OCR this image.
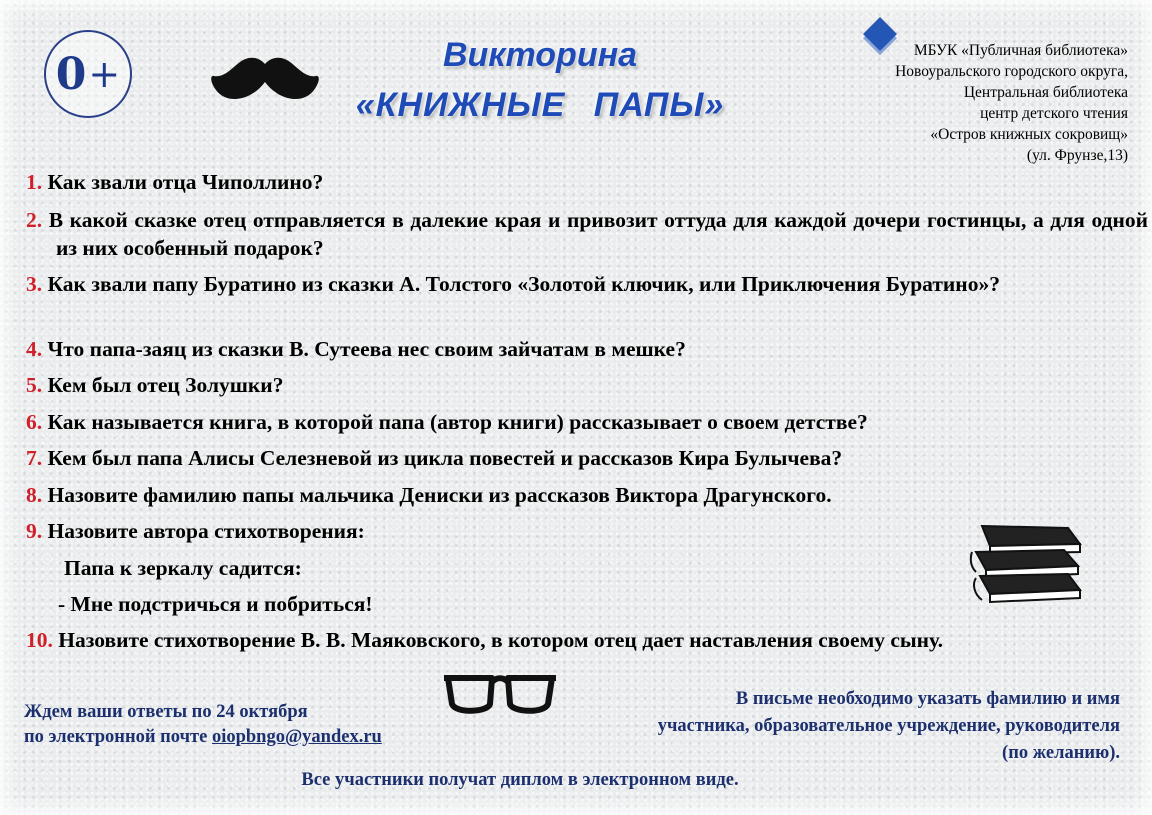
0 +	Викторина
«КНИЖНЫЕ ПАПЫ»
МБУК «Публичная библиотека»
Новоуральского городского округа,
Центральная библиотека
центр детского чтения
«Остров книжных сокровищ»
(ул. Фрунзе,13)
1. Как звали отца Чиполлино?
2. В какой сказке отец отправляется в далекие края и привозит оттуда для каждой дочери гостинцы, а для одной из них особенный подарок?
3. Как звали папу Буратино из сказки А. Толстого «Золотой ключик, или Приключения Буратино»?
4. Что папа-заяц из сказки В. Сутеева нес своим зайчатам в мешке?
5. Кем был отец Золушки?
6. Как называется книга, в которой папа (автор книги) рассказывает о своем детстве?
7. Кем был папа Алисы Селезневой из цикла повестей и рассказов Кира Булычева?
8. Назовите фамилию папы мальчика Дениски из рассказов Виктора Драгунского.
9. Назовите автора стихотворения:
Папа к зеркалу садится:
- Мне подстричься и побриться!
10. Назовите стихотворение В. В. Маяковского, в котором отец дает наставления своему сыну.
Ждем ваши ответы по 24 октября
по электронной почте oiopbngo@yandex.ru
В письме необходимо указать фамилию и имя
участника, образовательное учреждение, руководителя
(по желанию).
Все участники получат диплом в электронном виде.
